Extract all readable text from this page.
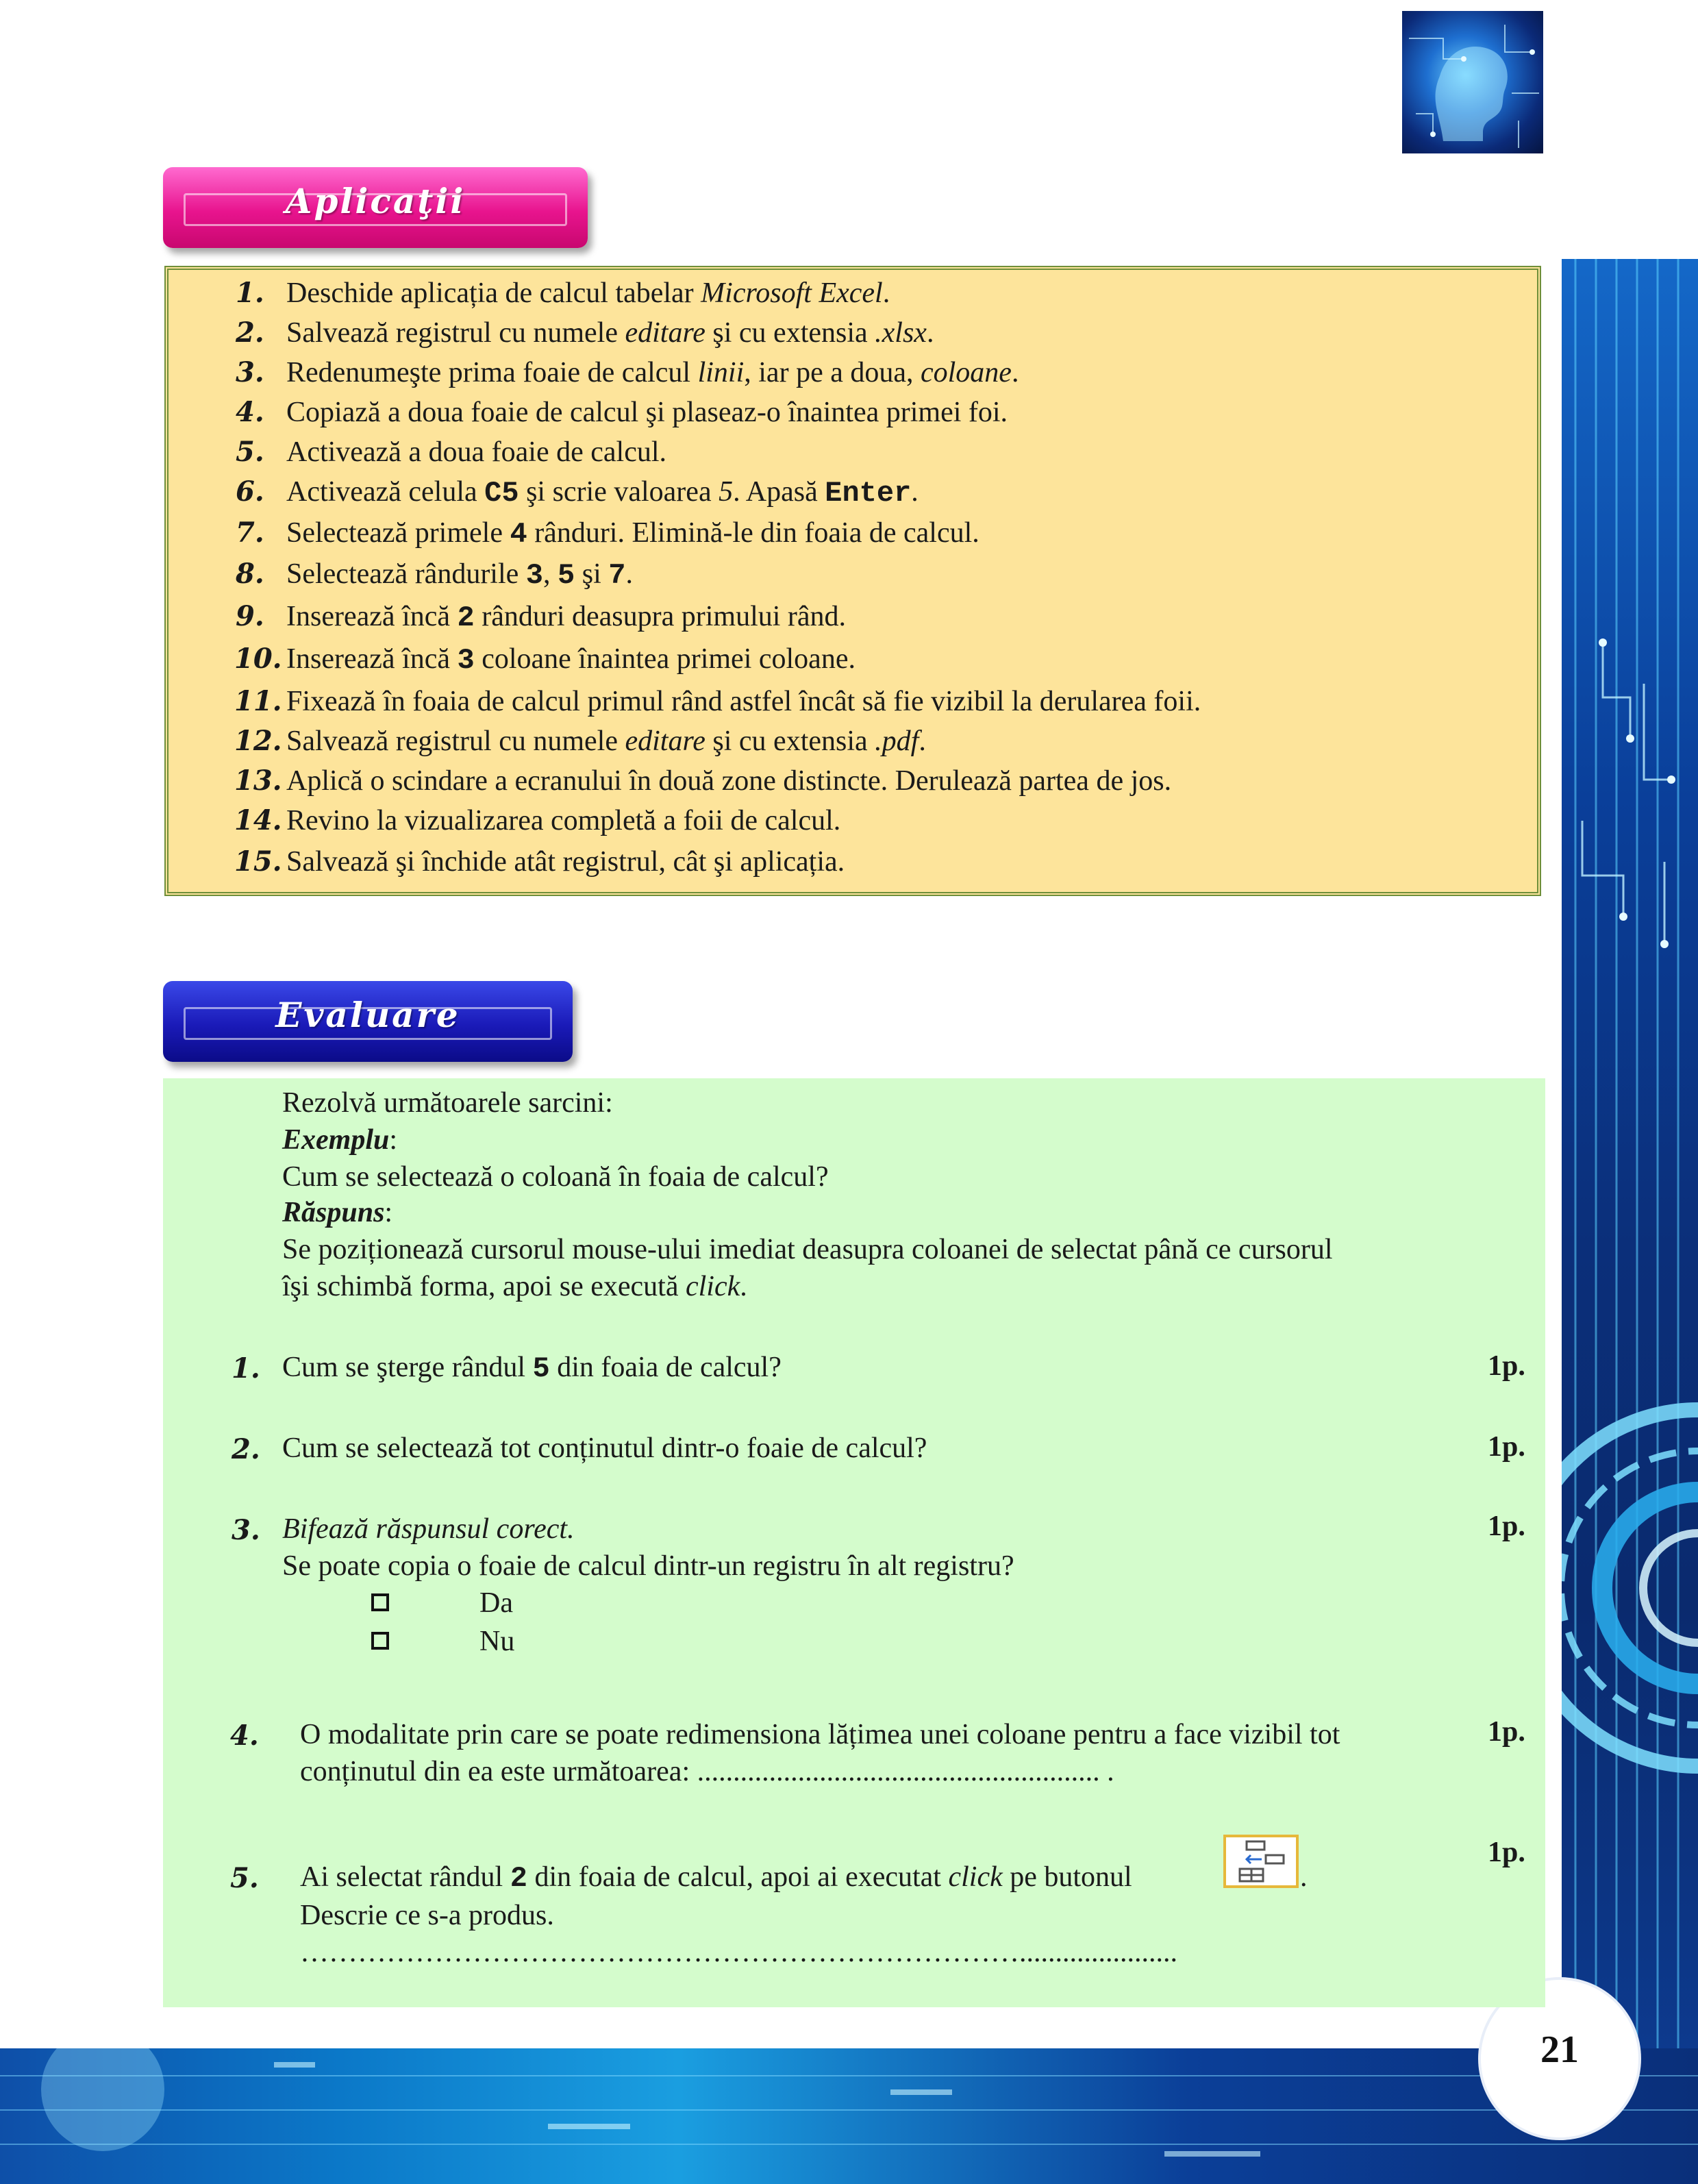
21
Aplicaţii
1. Deschide aplicația de calcul tabelar Microsoft Excel.
2. Salvează registrul cu numele editare şi cu extensia .xlsx.
3. Redenumeşte prima foaie de calcul linii, iar pe a doua, coloane.
4. Copiază a doua foaie de calcul şi plaseaz-o înaintea primei foi.
5. Activează a doua foaie de calcul.
6. Activează celula C5 şi scrie valoarea 5. Apasă Enter.
7. Selectează primele 4 rânduri. Elimină-le din foaia de calcul.
8. Selectează rândurile 3, 5 şi 7.
9. Inserează încă 2 rânduri deasupra primului rând.
10. Inserează încă 3 coloane înaintea primei coloane.
11. Fixează în foaia de calcul primul rând astfel încât să fie vizibil la derularea foii.
12. Salvează registrul cu numele editare şi cu extensia .pdf.
13. Aplică o scindare a ecranului în două zone distincte. Derulează partea de jos.
14. Revino la vizualizarea completă a foii de calcul.
15. Salvează şi închide atât registrul, cât şi aplicația.
Evaluare
Rezolvă următoarele sarcini:
Exemplu:
Cum se selectează o coloană în foaia de calcul?
Răspuns:
Se poziționează cursorul mouse-ului imediat deasupra coloanei de selectat până ce cursorul
îşi schimbă forma, apoi se execută click.
1. Cum se şterge rândul 5 din foaia de calcul?	1p.
2. Cum se selectează tot conținutul dintr-o foaie de calcul?	1p.
3. Bifează răspunsul corect.	1p.
Se poate copia o foaie de calcul dintr-un registru în alt registru?
Da
Nu
4. O modalitate prin care se poate redimensiona lățimea unei coloane pentru a face vizibil tot
conținutul din ea este următoarea: ........................................................ .
1p.
5. Ai selectat rândul 2 din foaia de calcul, apoi ai executat click pe butonul	.
Descrie ce s-a produs.
…………………………………………………………………......................
1p.
